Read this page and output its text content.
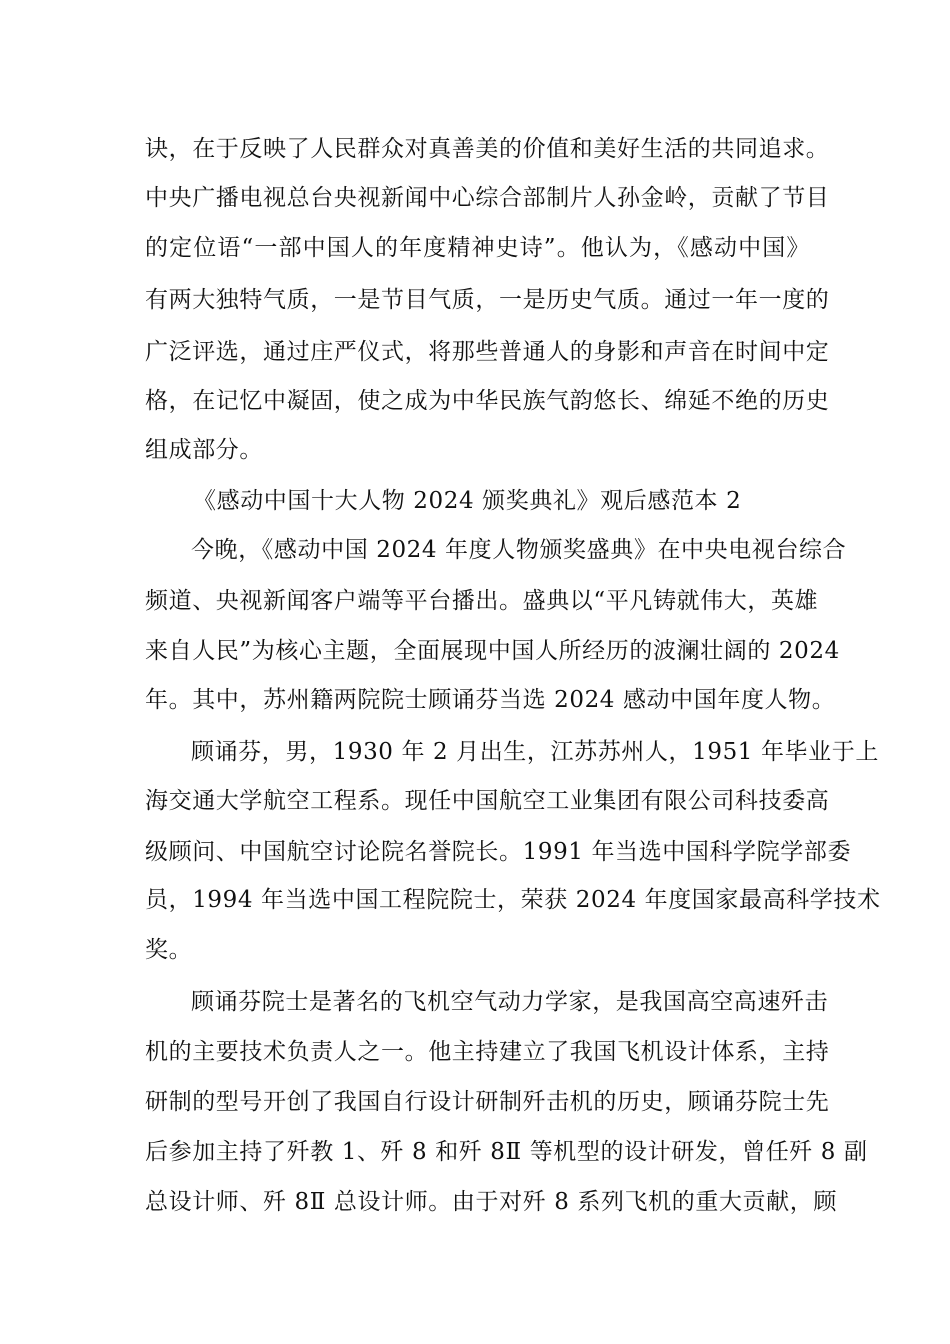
诀，在于反映了人民群众对真善美的价值和美好生活的共同追求。
中央广播电视总台央视新闻中心综合部制片人孙金岭，贡献了节目
的定位语“一部中国人的年度精神史诗”。他认为，《感动中国》
有两大独特气质，一是节目气质，一是历史气质。通过一年一度的
广泛评选，通过庄严仪式，将那些普通人的身影和声音在时间中定
格，在记忆中凝固，使之成为中华民族气韵悠长、绵延不绝的历史
组成部分。
《感动中国十大人物 2024 颁奖典礼》观后感范本 2
今晚，《感动中国 2024 年度人物颁奖盛典》在中央电视台综合
频道、央视新闻客户端等平台播出。盛典以“平凡铸就伟大，英雄
来自人民”为核心主题，全面展现中国人所经历的波澜壮阔的 2024
年。其中，苏州籍两院院士顾诵芬当选 2024 感动中国年度人物。
顾诵芬，男，1930 年 2 月出生，江苏苏州人，1951 年毕业于上
海交通大学航空工程系。现任中国航空工业集团有限公司科技委高
级顾问、中国航空讨论院名誉院长。1991 年当选中国科学院学部委
员，1994 年当选中国工程院院士，荣获 2024 年度国家最高科学技术
奖。
顾诵芬院士是著名的飞机空气动力学家，是我国高空高速歼击
机的主要技术负责人之一。他主持建立了我国飞机设计体系，主持
研制的型号开创了我国自行设计研制歼击机的历史，顾诵芬院士先
后参加主持了歼教 1、歼 8 和歼 8Ⅱ 等机型的设计研发，曾任歼 8 副
总设计师、歼 8Ⅱ 总设计师。由于对歼 8 系列飞机的重大贡献，顾
